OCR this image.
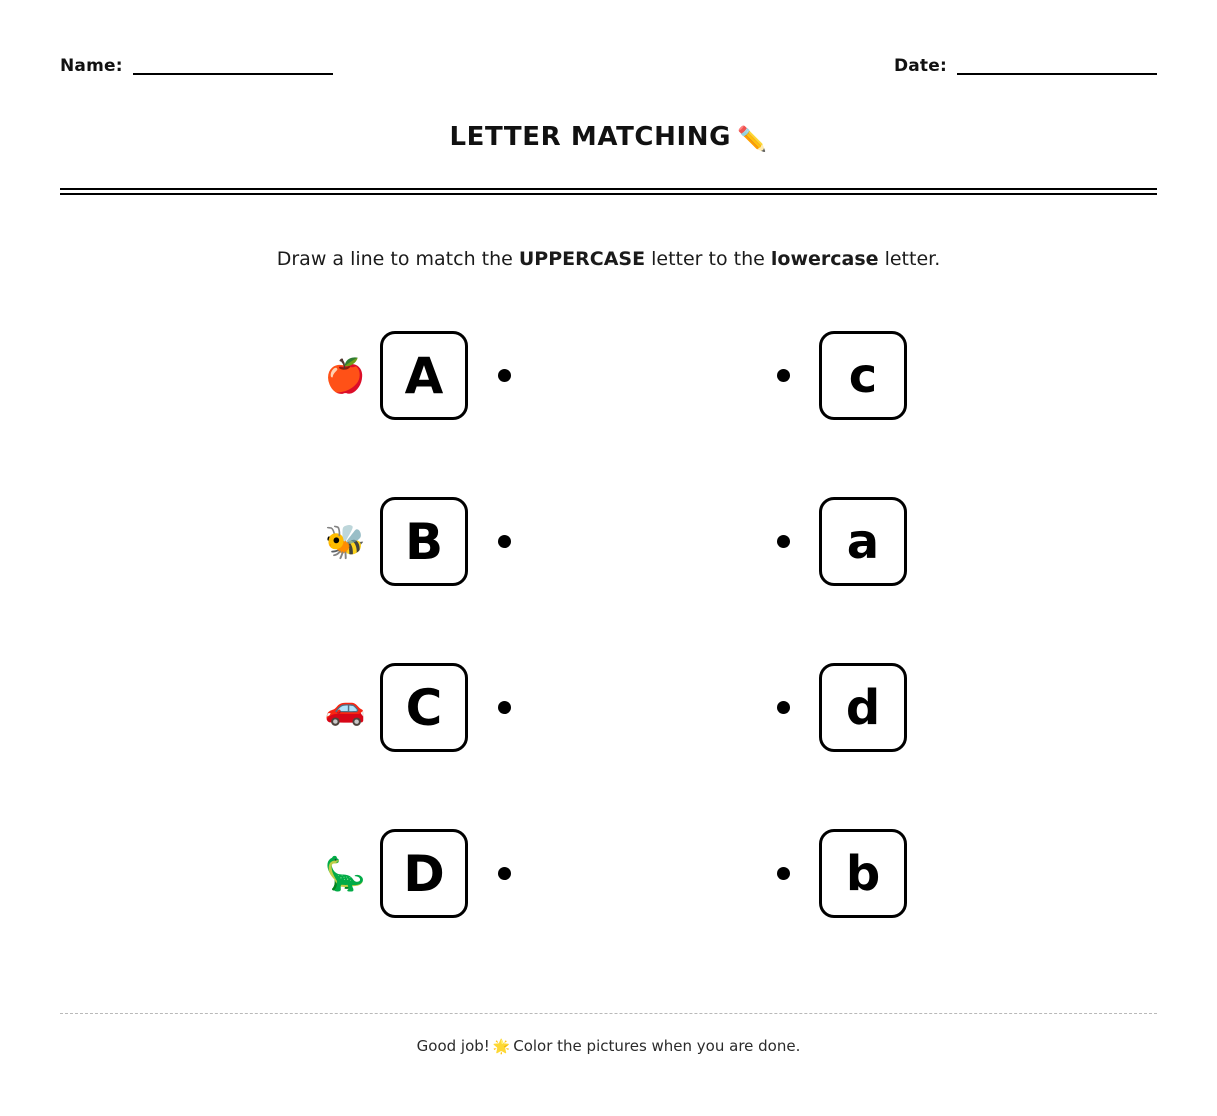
Name:	Date:
LETTER MATCHING ✏️
Draw a line to match the UPPERCASE letter to the lowercase letter.
🍎 A	c
🐝 B	a
🚗 C	d
🦕 D	b
Good job! 🌟 Color the pictures when you are done.
